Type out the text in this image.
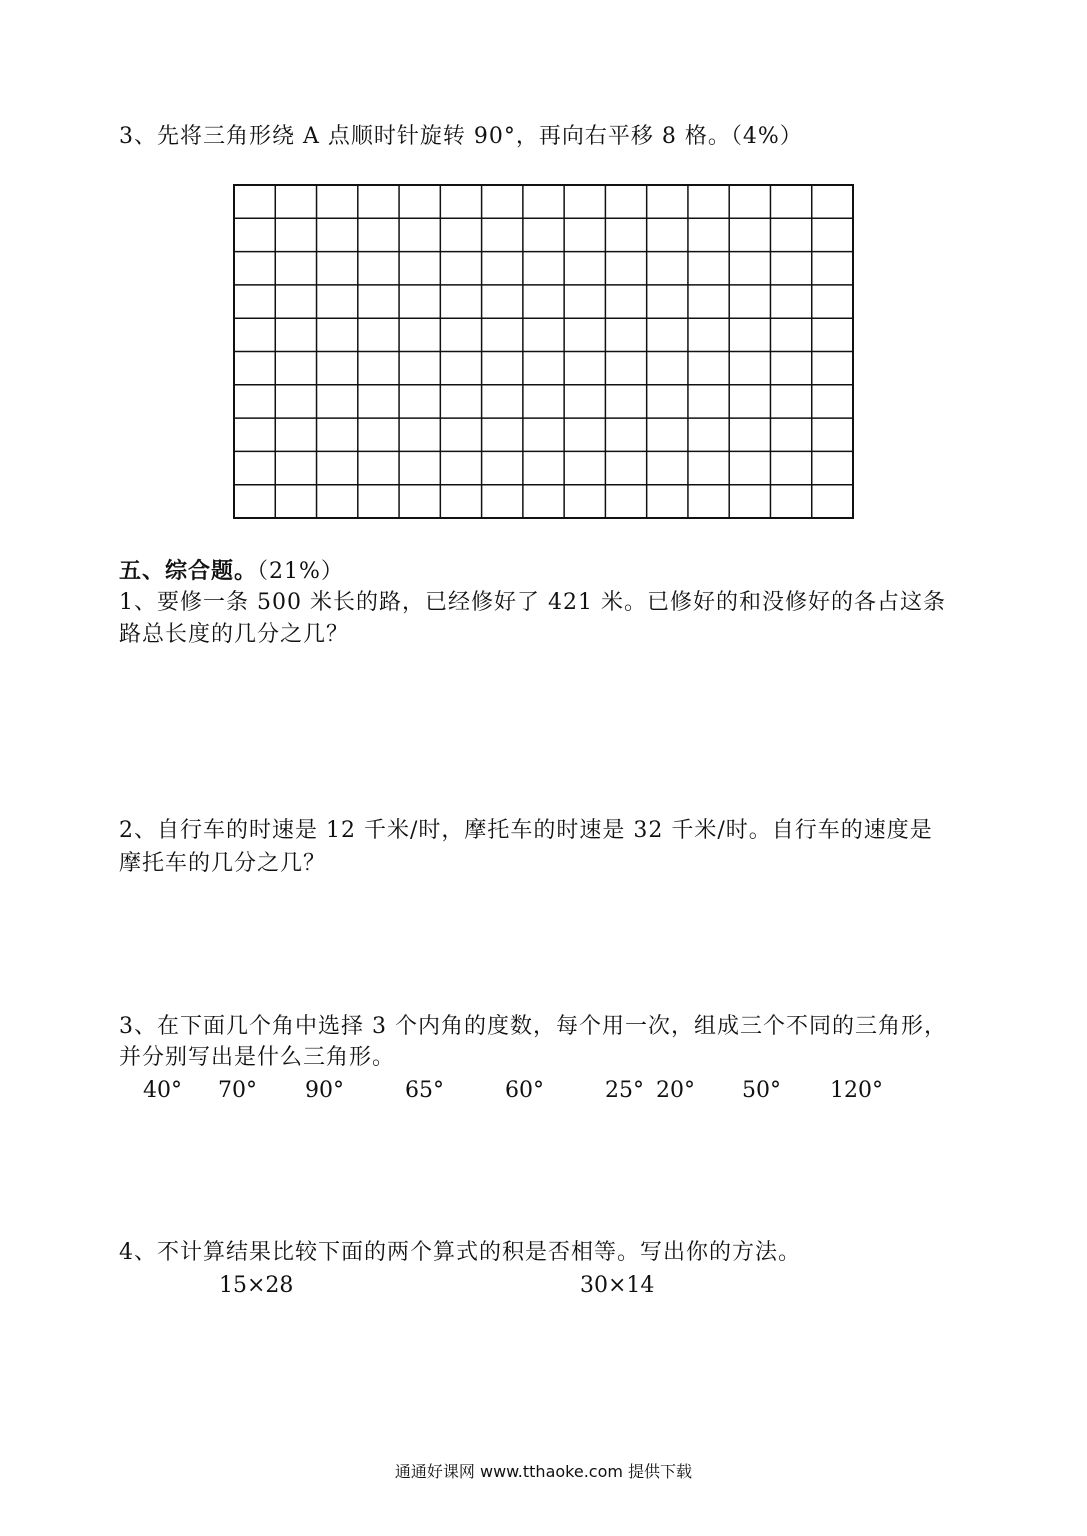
3、先将三角形绕 A 点顺时针旋转 90°，再向右平移 8 格。（4%）
五、综合题。（21%）
1、要修一条 500 米长的路，已经修好了 421 米。已修好的和没修好的各占这条
路总长度的几分之几？
2、自行车的时速是 12 千米/时，摩托车的时速是 32 千米/时。自行车的速度是
摩托车的几分之几？
3、在下面几个角中选择 3 个内角的度数，每个用一次，组成三个不同的三角形，
并分别写出是什么三角形。
40° 70° 90°	65°	60°	25° 20° 50° 120°
4、不计算结果比较下面的两个算式的积是否相等。写出你的方法。
15×28	30×14
通通好课网 www.tthaoke.com 提供下载
